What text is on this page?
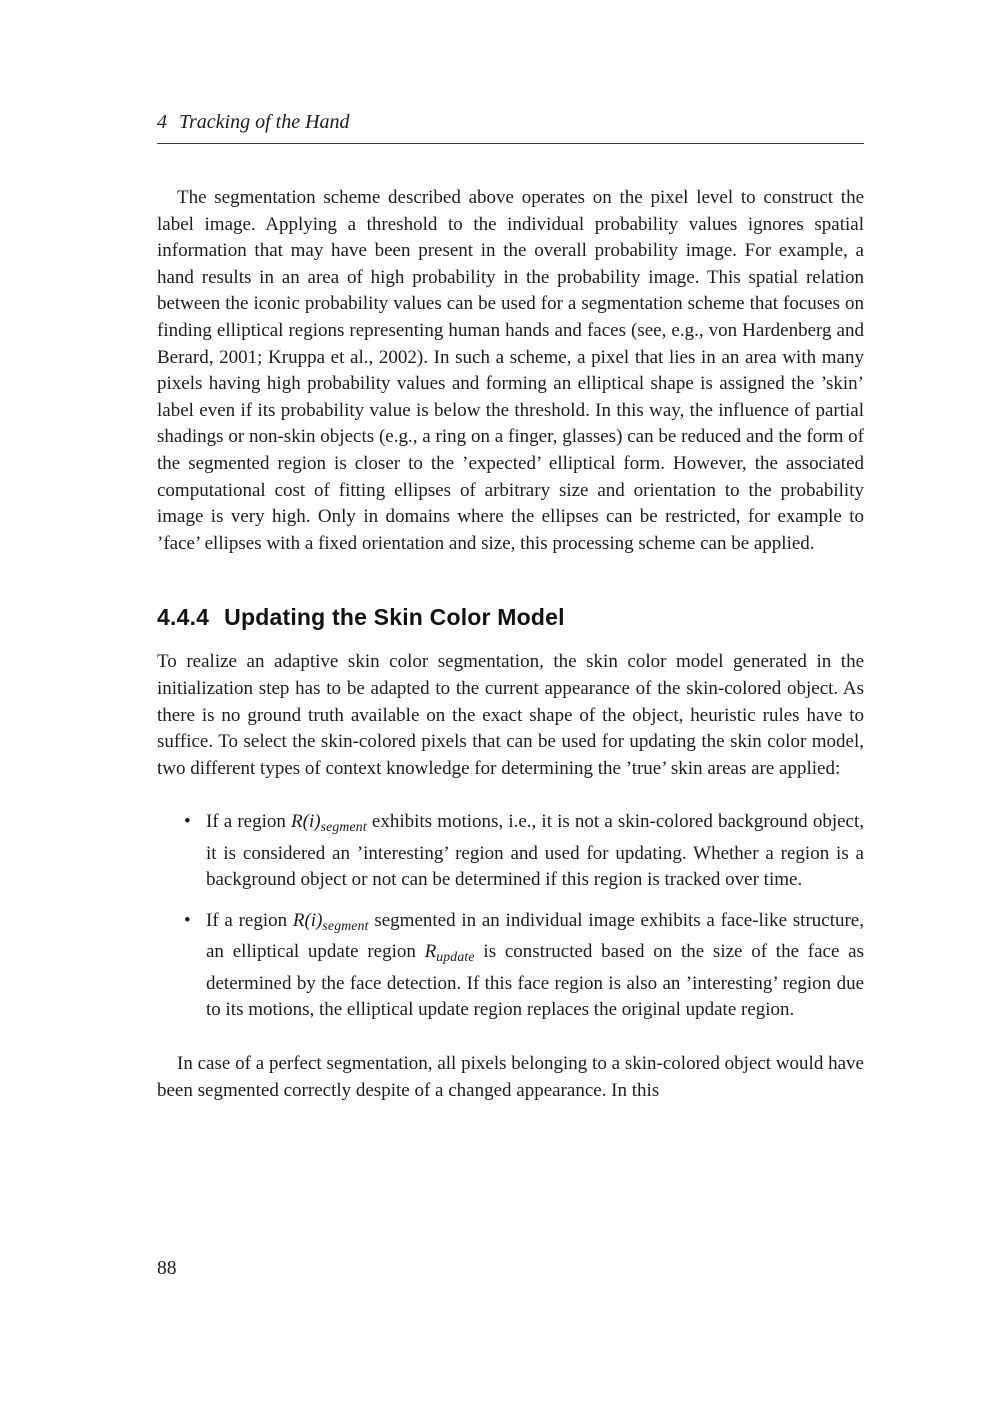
4 Tracking of the Hand

The segmentation scheme described above operates on the pixel level to construct the label image. Applying a threshold to the individual probability values ignores spatial information that may have been present in the overall probability image. For example, a hand results in an area of high probability in the probability image. This spatial relation between the iconic probability values can be used for a segmentation scheme that focuses on finding elliptical regions representing human hands and faces (see, e.g., von Hardenberg and Berard, 2001; Kruppa et al., 2002). In such a scheme, a pixel that lies in an area with many pixels having high probability values and forming an elliptical shape is assigned the ’skin’ label even if its probability value is below the threshold. In this way, the influence of partial shadings or non-skin objects (e.g., a ring on a finger, glasses) can be reduced and the form of the segmented region is closer to the ’expected’ elliptical form. However, the associated computational cost of fitting ellipses of arbitrary size and orientation to the probability image is very high. Only in domains where the ellipses can be restricted, for example to ’face’ ellipses with a fixed orientation and size, this processing scheme can be applied.

4.4.4 Updating the Skin Color Model

To realize an adaptive skin color segmentation, the skin color model generated in the initialization step has to be adapted to the current appearance of the skin-colored object. As there is no ground truth available on the exact shape of the object, heuristic rules have to suffice. To select the skin-colored pixels that can be used for updating the skin color model, two different types of context knowledge for determining the ’true’ skin areas are applied:

• If a region $R(i)_{segment}$ exhibits motions, i.e., it is not a skin-colored background object, it is considered an ’interesting’ region and used for updating. Whether a region is a background object or not can be determined if this region is tracked over time.
• If a region $R(i)_{segment}$ segmented in an individual image exhibits a face-like structure, an elliptical update region $R_{update}$ is constructed based on the size of the face as determined by the face detection. If this face region is also an ’interesting’ region due to its motions, the elliptical update region replaces the original update region.

In case of a perfect segmentation, all pixels belonging to a skin-colored object would have been segmented correctly despite of a changed appearance. In this

88
